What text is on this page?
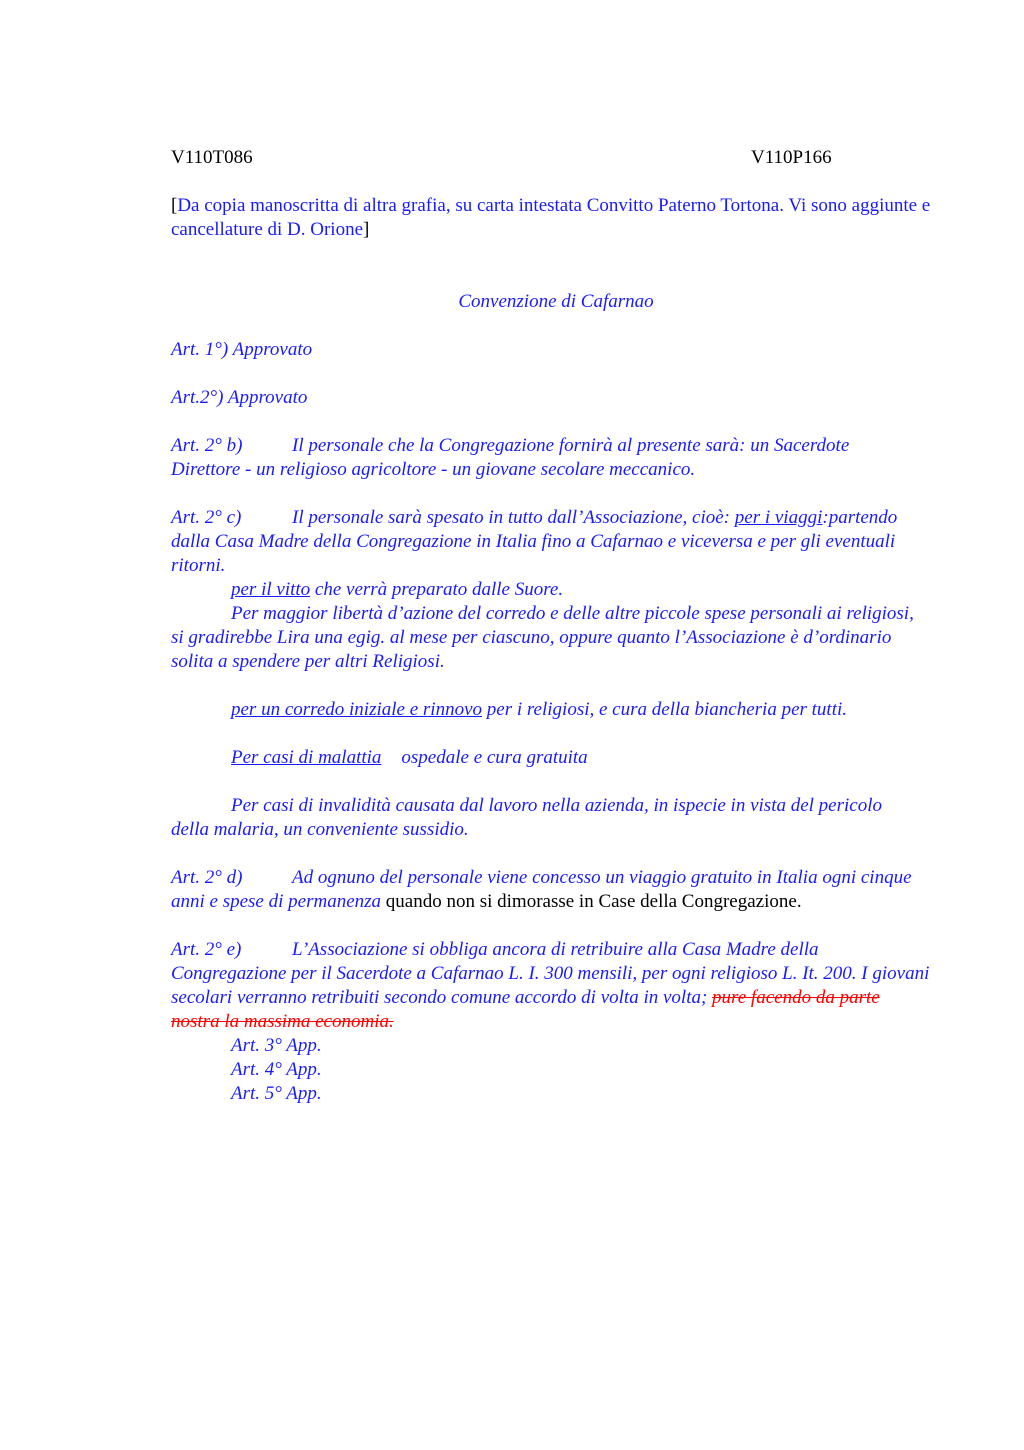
V110T086	V110P166
[Da copia manoscritta di altra grafia, su carta intestata Convitto Paterno Tortona. Vi sono aggiunte e cancellature di D. Orione]
Convenzione di Cafarnao
Art. 1°) Approvato
Art.2°) Approvato
Art. 2° b)	Il personale che la Congregazione fornirà al presente sarà: un Sacerdote Direttore - un religioso agricoltore - un giovane secolare meccanico.
Art. 2° c)	Il personale sarà spesato in tutto dall’Associazione, cioè: per i viaggi:partendo dalla Casa Madre della Congregazione in Italia fino a Cafarnao e viceversa e per gli eventuali ritorni.
per il vitto che verrà preparato dalle Suore.
Per maggior libertà d’azione del corredo e delle altre piccole spese personali ai religiosi, si gradirebbe Lira una egig. al mese per ciascuno, oppure quanto l’Associazione è d’ordinario solita a spendere per altri Religiosi.
per un corredo iniziale e rinnovo per i religiosi, e cura della biancheria per tutti.
Per casi di malattia ospedale e cura gratuita
Per casi di invalidità causata dal lavoro nella azienda, in ispecie in vista del pericolo della malaria, un conveniente sussidio.
Art. 2° d)	Ad ognuno del personale viene concesso un viaggio gratuito in Italia ogni cinque anni e spese di permanenza quando non si dimorasse in Case della Congregazione.
Art. 2° e)	L’Associazione si obbliga ancora di retribuire alla Casa Madre della Congregazione per il Sacerdote a Cafarnao L. I. 300 mensili, per ogni religioso L. It. 200. I giovani secolari verranno retribuiti secondo comune accordo di volta in volta; pure facendo da parte nostra la massima economia.
Art. 3° App.
Art. 4° App.
Art. 5° App.
